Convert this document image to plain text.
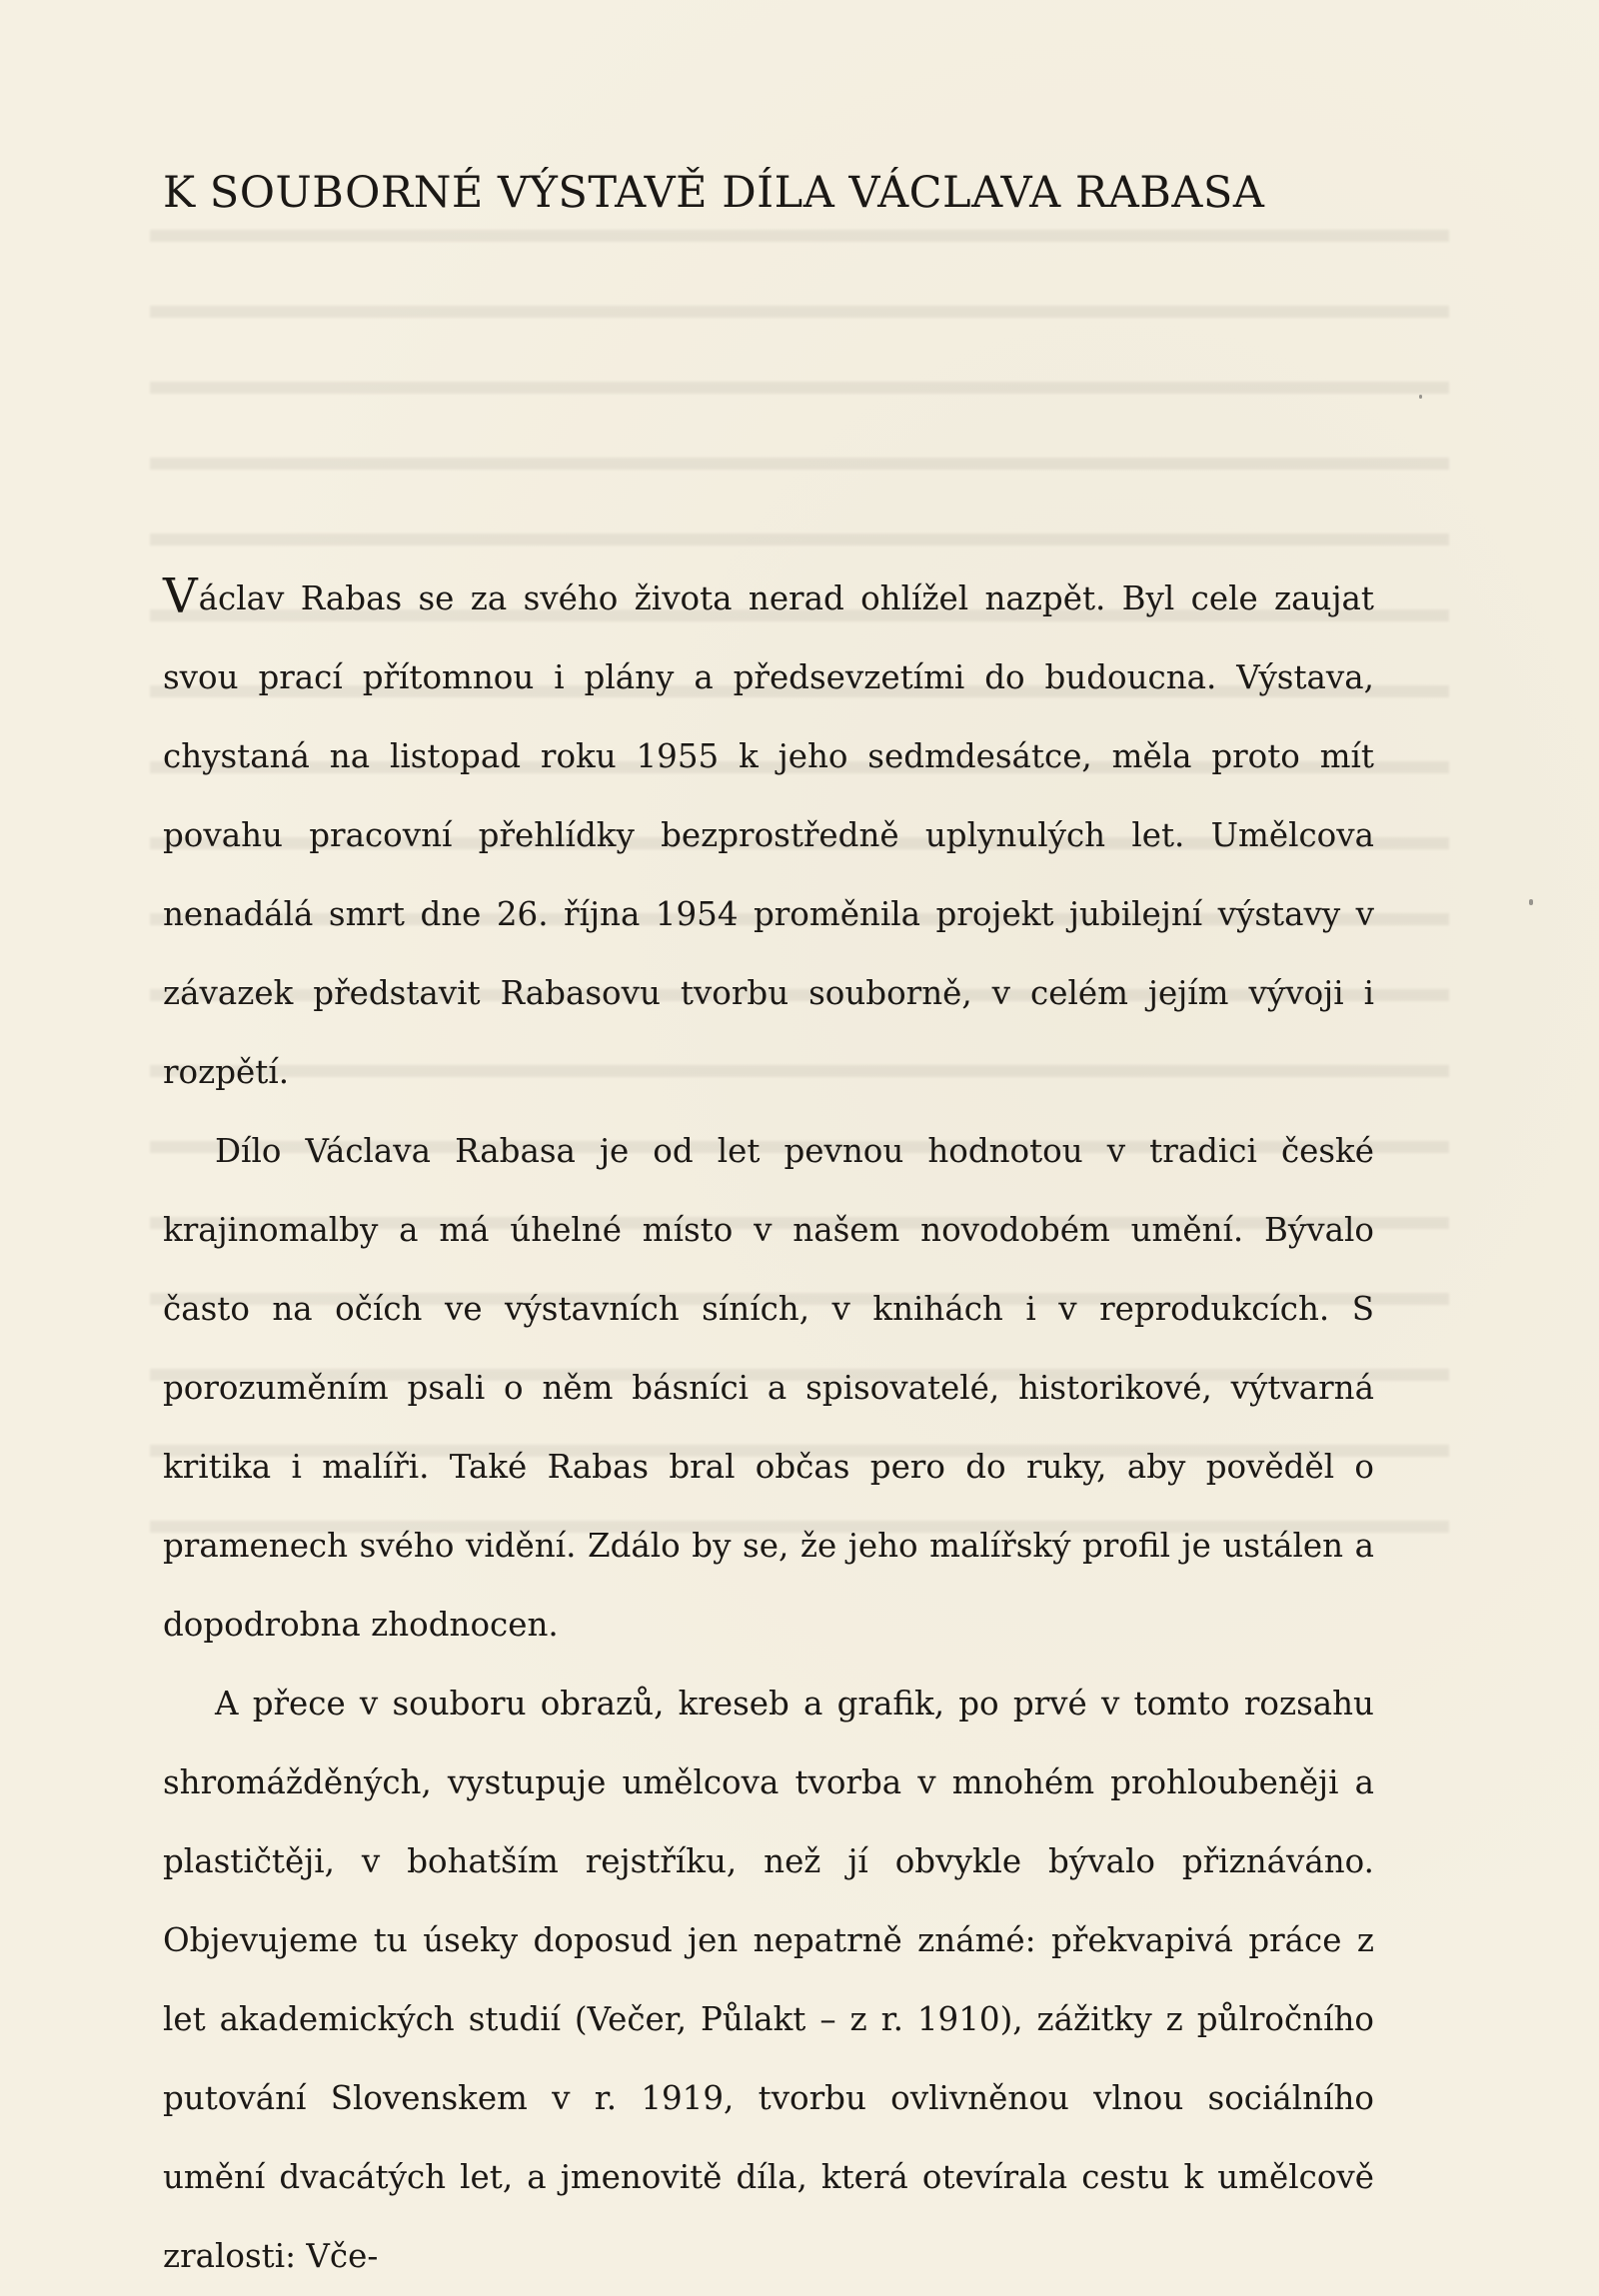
K SOUBORNÉ VÝSTAVĚ DÍLA VÁCLAVA RABASA

Václav Rabas se za svého života nerad ohlížel nazpět. Byl cele zaujat svou prací přítomnou i plány a předsevzetími do budoucna. Výstava, chystaná na listopad roku 1955 k jeho sedmdesátce, měla proto mít povahu pracovní přehlídky bezprostředně uplynulých let. Umělcova nenadálá smrt dne 26. října 1954 proměnila projekt jubilejní výstavy v závazek představit Rabasovu tvorbu souborně, v celém jejím vývoji i rozpětí.

Dílo Václava Rabasa je od let pevnou hodnotou v tradici české krajinomalby a má úhelné místo v našem novodobém umění. Bývalo často na očích ve výstavních síních, v knihách i v reprodukcích. S porozuměním psali o něm básníci a spisovatelé, historikové, výtvarná kritika i malíři. Také Rabas bral občas pero do ruky, aby pověděl o pramenech svého vidění. Zdálo by se, že jeho malířský profil je ustálen a dopodrobna zhodnocen.

A přece v souboru obrazů, kreseb a grafik, po prvé v tomto rozsahu shromážděných, vystupuje umělcova tvorba v mnohém prohloubeněji a plastičtěji, v bohatším rejstříku, než jí obvykle bývalo přiznáváno. Objevujeme tu úseky doposud jen nepatrně známé: překvapivá práce z let akademických studií (Večer, Půlakt – z r. 1910), zážitky z půlročního putování Slovenskem v r. 1919, tvorbu ovlivněnou vlnou sociálního umění dvacátých let, a jmenovitě díla, která otevírala cestu k umělcově zralosti: Vče-
